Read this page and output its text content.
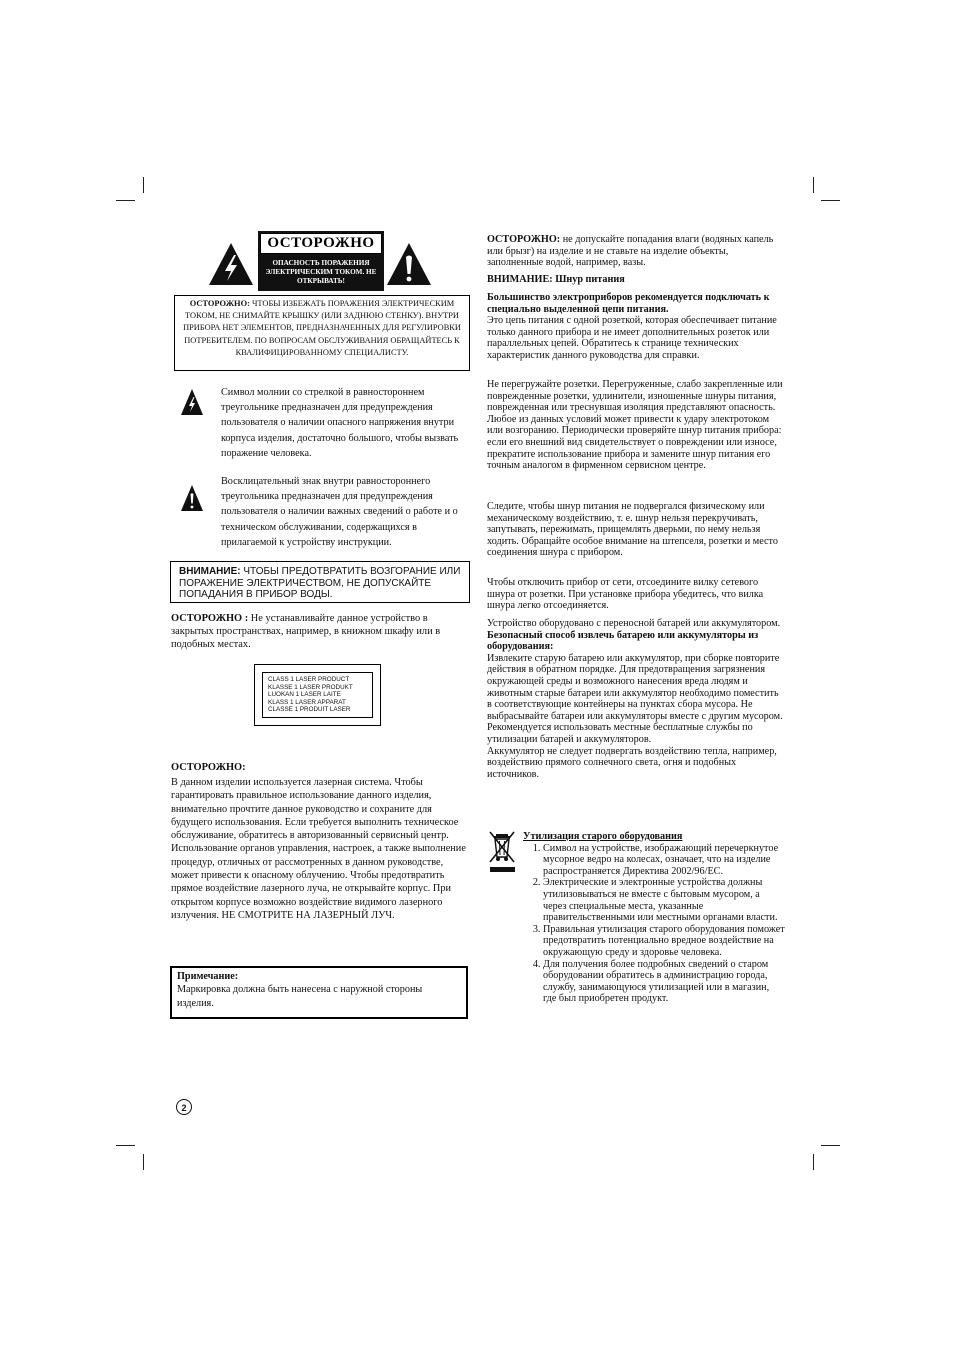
ОСТОРОЖНО
ОПАСНОСТЬ ПОРАЖЕНИЯ ЭЛЕКТРИЧЕСКИМ ТОКОМ. НЕ ОТКРЫВАТЬ!
ОСТОРОЖНО: ЧТОБЫ ИЗБЕЖАТЬ ПОРАЖЕНИЯ ЭЛЕКТРИЧЕСКИМ ТОКОМ, НЕ СНИМАЙТЕ КРЫШКУ (ИЛИ ЗАДНЮЮ СТЕНКУ). ВНУТРИ ПРИБОРА НЕТ ЭЛЕМЕНТОВ, ПРЕДНАЗНАЧЕННЫХ ДЛЯ РЕГУЛИРОВКИ ПОТРЕБИТЕЛЕМ. ПО ВОПРОСАМ ОБСЛУЖИВАНИЯ ОБРАЩАЙТЕСЬ К КВАЛИФИЦИРОВАННОМУ СПЕЦИАЛИСТУ.
Символ молнии со стрелкой в равностороннем треугольнике предназначен для предупреждения пользователя о наличии опасного напряжения внутри корпуса изделия, достаточно большого, чтобы вызвать поражение человека.
Восклицательный знак внутри равностороннего треугольника предназначен для предупреждения пользователя о наличии важных сведений о работе и о техническом обслуживании, содержащихся в прилагаемой к устройству инструкции.
ВНИМАНИЕ: ЧТОБЫ ПРЕДОТВРАТИТЬ ВОЗГОРАНИЕ ИЛИ ПОРАЖЕНИЕ ЭЛЕКТРИЧЕСТВОМ, НЕ ДОПУСКАЙТЕ ПОПАДАНИЯ В ПРИБОР ВОДЫ.
ОСТОРОЖНО : Не устанавливайте данное устройство в закрытых пространствах, например, в книжном шкафу или в подобных местах.
CLASS 1 LASER PRODUCT
KLASSE 1 LASER PRODUKT
LUOKAN 1 LASER LAITE
KLASS 1 LASER APPARAT
CLASSE 1 PRODUIT LASER
ОСТОРОЖНО:
В данном изделии используется лазерная система. Чтобы гарантировать правильное использование данного изделия, внимательно прочтите данное руководство и сохраните для будущего использования. Если требуется выполнить техническое обслуживание, обратитесь в авторизованный сервисный центр. Использование органов управления, настроек, а также выполнение процедур, отличных от рассмотренных в данном руководстве, может привести к опасному облучению. Чтобы предотвратить прямое воздействие лазерного луча, не открывайте корпус. При открытом корпусе возможно воздействие видимого лазерного излучения. НЕ СМОТРИТЕ НА ЛАЗЕРНЫЙ ЛУЧ.
Примечание:
Маркировка должна быть нанесена с наружной стороны изделия.
2
ОСТОРОЖНО: не допускайте попадания влаги (водяных капель или брызг) на изделие и не ставьте на изделие объекты, заполненные водой, например, вазы.
ВНИМАНИЕ: Шнур питания
Большинство электроприборов рекомендуется подключать к специально выделенной цепи питания.
Это цепь питания с одной розеткой, которая обеспечивает питание только данного прибора и не имеет дополнительных розеток или параллельных цепей. Обратитесь к странице технических характеристик данного руководства для справки.
Не перегружайте розетки. Перегруженные, слабо закрепленные или поврежденные розетки, удлинители, изношенные шнуры питания, поврежденная или треснувшая изоляция представляют опасность. Любое из данных условий может привести к удару электротоком или возгоранию. Периодически проверяйте шнур питания прибора: если его внешний вид свидетельствует о повреждении или износе, прекратите использование прибора и замените шнур питания его точным аналогом в фирменном сервисном центре.
Следите, чтобы шнур питания не подвергался физическому или механическому воздействию, т. е. шнур нельзя перекручивать, запутывать, пережимать, прищемлять дверьми, по нему нельзя ходить. Обращайте особое внимание на штепселя, розетки и место соединения шнура с прибором.
Чтобы отключить прибор от сети, отсоедините вилку сетевого шнура от розетки. При установке прибора убедитесь, что вилка шнура легко отсоединяется.
Устройство оборудовано с переносной батарей или аккумулятором.
Безопасный способ извлечь батарею или аккумуляторы из оборудования:
Извлеките старую батарею или аккумулятор, при сборке повторите действия в обратном порядке. Для предотвращения загрязнения окружающей среды и возможного нанесения вреда людям и животным старые батареи или аккумулятор необходимо поместить в соответствующие контейнеры на пунктах сбора мусора. Не выбрасывайте батареи или аккумуляторы вместе с другим мусором. Рекомендуется использовать местные бесплатные службы по утилизации батарей и аккумуляторов.
Аккумулятор не следует подвергать воздействию тепла, например, воздействию прямого солнечного света, огня и подобных источников.
Утилизация старого оборудования
1. Символ на устройстве, изображающий перечеркнутое мусорное ведро на колесах, означает, что на изделие распространяется Директива 2002/96/EC.
2. Электрические и электронные устройства должны утилизовываться не вместе с бытовым мусором, а через специальные места, указанные правительственными или местными органами власти.
3. Правильная утилизация старого оборудования поможет предотвратить потенциально вредное воздействие на окружающую среду и здоровье человека.
4. Для получения более подробных сведений о старом оборудовании обратитесь в администрацию города, службу, занимающуюся утилизацией или в магазин, где был приобретен продукт.
